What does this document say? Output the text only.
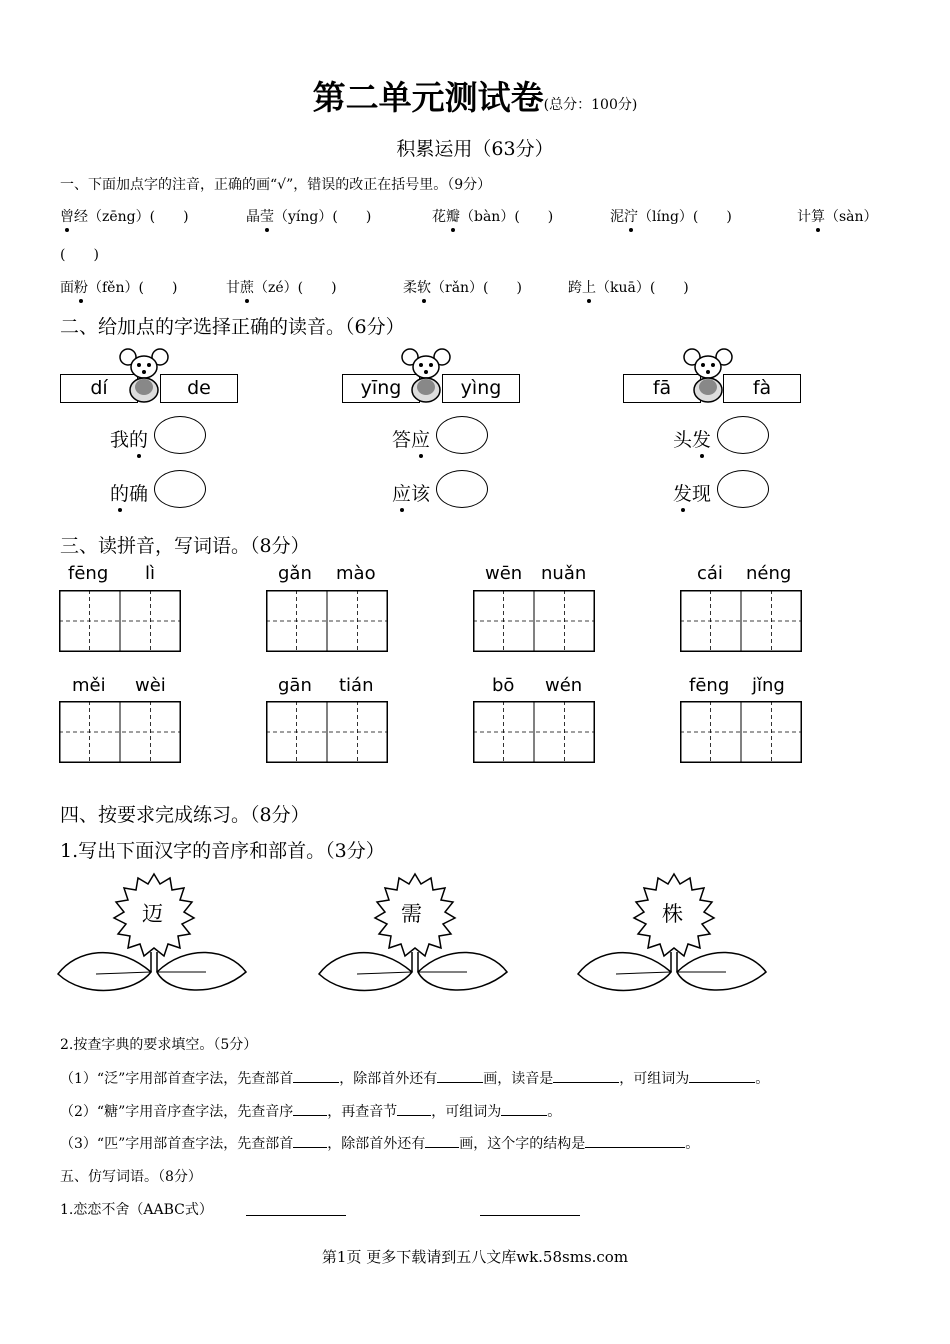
第二单元测试卷(总分：100分)
积累运用（63分）
一、下面加点字的注音，正确的画“√”，错误的改正在括号里。（9分）
曾经（zēng）(　　)	晶莹（yíng）(　　)	花瓣（bàn）(　　)	泥泞（líng）(　　)	计算（sàn）
(　　)
面粉（fěn）(　　)	甘蔗（zé）(　　)	柔软（rǎn）(　　)	跨上（kuā）(　　)
二、给加点的字选择正确的读音。（6分）
dí	de
我的
的确
yīng	yìng
答应
应该
fā	fà
头发
发现
三、读拼音，写词语。（8分）
fēng lì	gǎn mào	wēn nuǎn	cái néng
měi wèi	gān tián	bō wén	fēng jǐng
四、按要求完成练习。（8分）
1.写出下面汉字的音序和部首。（3分）
迈	需	株
2.按查字典的要求填空。（5分）
（1）“泛”字用部首查字法，先查部首	，除部首外还有	画，读音是	，可组词为	。
（2）“糖”字用音序查字法，先查音序 ，再查音节 ，可组词为	。
（3）“匹”字用部首查字法，先查部首 ，除部首外还有 画，这个字的结构是	。
五、仿写词语。（8分）
1.恋恋不舍（AABC式）
第1页 更多下载请到五八文库wk.58sms.com
